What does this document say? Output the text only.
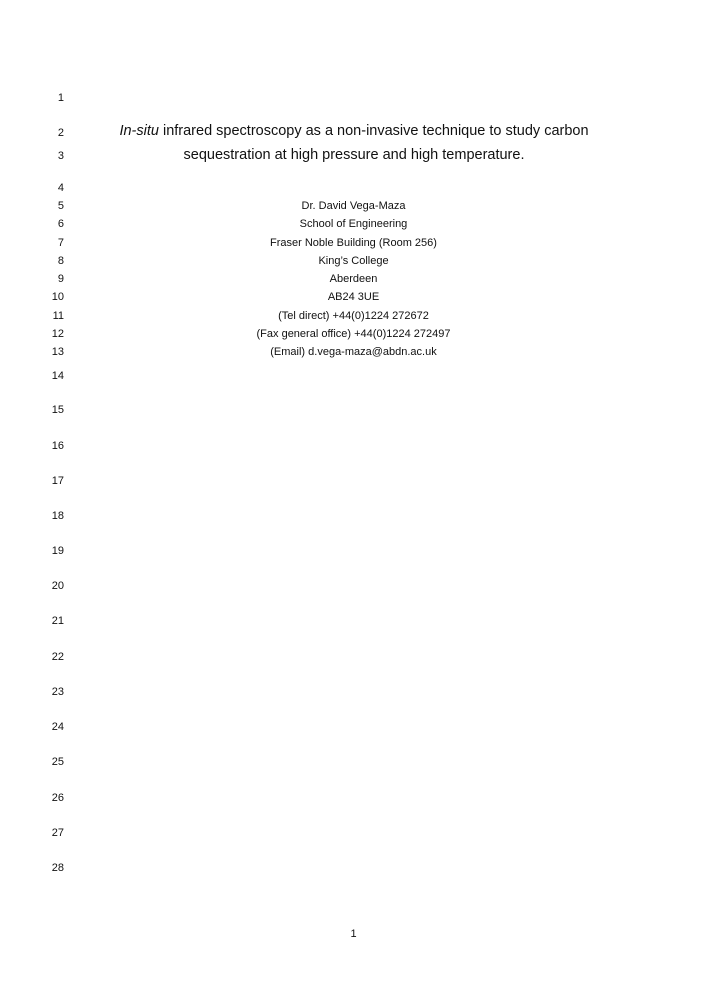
1
2
3
4
5
6
7
8
9
10
11
12
13
14
15
16
17
18
19
20
21
22
23
24
25
26
27
28
In-situ infrared spectroscopy as a non-invasive technique to study carbon
sequestration at high pressure and high temperature.
Dr. David Vega-Maza
School of Engineering
Fraser Noble Building (Room 256)
King’s College
Aberdeen
AB24 3UE
(Tel direct) +44(0)1224 272672
(Fax general office) +44(0)1224 272497
(Email) d.vega-maza@abdn.ac.uk
1
